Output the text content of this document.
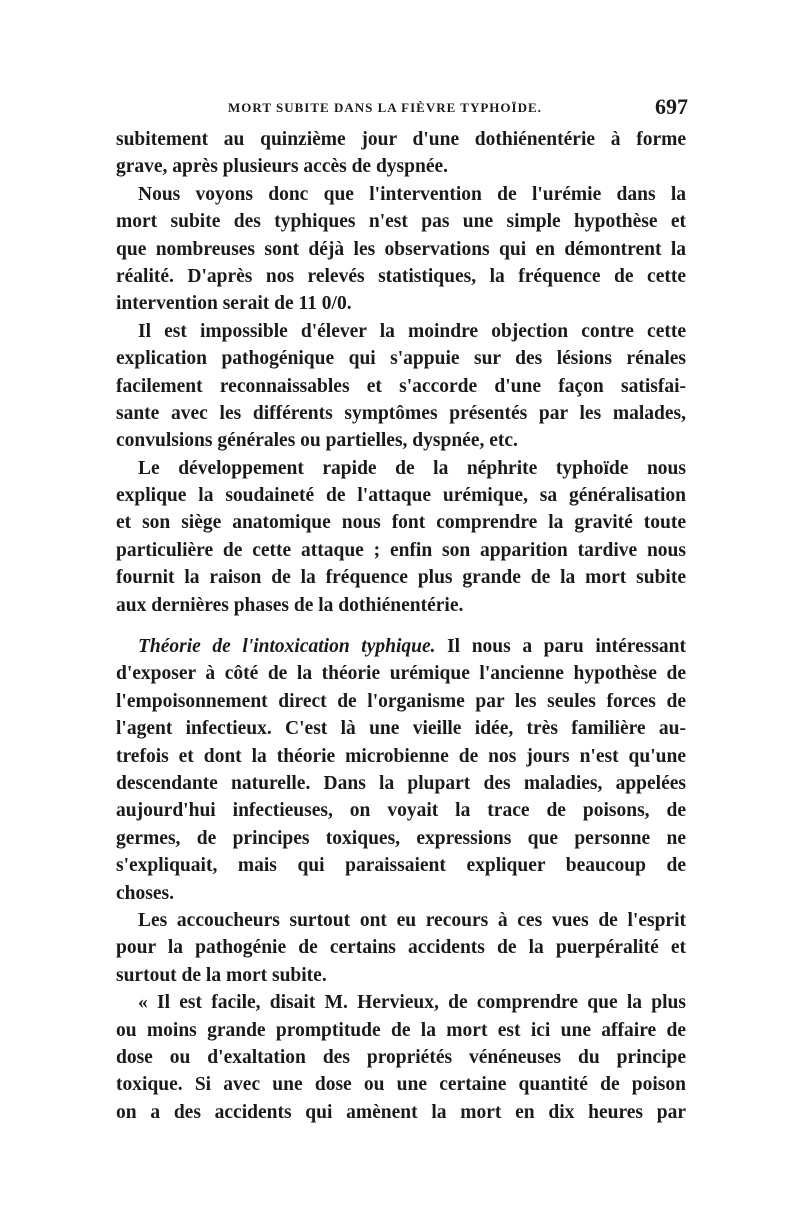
MORT SUBITE DANS LA FIÈVRE TYPHOÏDE.	697

subitement au quinzième jour d'une dothiénentérie à forme
grave, après plusieurs accès de dyspnée.

Nous voyons donc que l'intervention de l'urémie dans la
mort subite des typhiques n'est pas une simple hypothèse et
que nombreuses sont déjà les observations qui en démontrent la
réalité. D'après nos relevés statistiques, la fréquence de cette
intervention serait de 11 0/0.

Il est impossible d'élever la moindre objection contre cette
explication pathogénique qui s'appuie sur des lésions rénales
facilement reconnaissables et s'accorde d'une façon satisfai-
sante avec les différents symptômes présentés par les malades,
convulsions générales ou partielles, dyspnée, etc.

Le développement rapide de la néphrite typhoïde nous
explique la soudaineté de l'attaque urémique, sa généralisation
et son siège anatomique nous font comprendre la gravité toute
particulière de cette attaque ; enfin son apparition tardive nous
fournit la raison de la fréquence plus grande de la mort subite
aux dernières phases de la dothiénentérie.

Théorie de l'intoxication typhique. Il nous a paru intéressant
d'exposer à côté de la théorie urémique l'ancienne hypothèse de
l'empoisonnement direct de l'organisme par les seules forces de
l'agent infectieux. C'est là une vieille idée, très familière au-
trefois et dont la théorie microbienne de nos jours n'est qu'une
descendante naturelle. Dans la plupart des maladies, appelées
aujourd'hui infectieuses, on voyait la trace de poisons, de
germes, de principes toxiques, expressions que personne ne
s'expliquait, mais qui paraissaient expliquer beaucoup de
choses.

Les accoucheurs surtout ont eu recours à ces vues de l'esprit
pour la pathogénie de certains accidents de la puerpéralité et
surtout de la mort subite.

« Il est facile, disait M. Hervieux, de comprendre que la plus
ou moins grande promptitude de la mort est ici une affaire de
dose ou d'exaltation des propriétés vénéneuses du principe
toxique. Si avec une dose ou une certaine quantité de poison
on a des accidents qui amènent la mort en dix heures par
